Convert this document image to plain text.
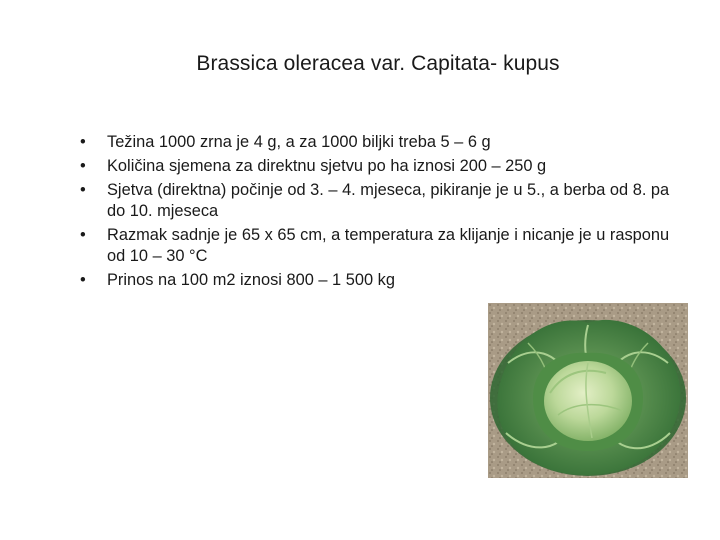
Brassica oleracea var. Capitata- kupus
•	Težina 1000 zrna je 4 g, a za 1000 biljki treba 5 – 6 g
•	Količina sjemena za direktnu sjetvu po ha iznosi 200 – 250 g
•	Sjetva (direktna) počinje od 3. – 4. mjeseca, pikiranje je u 5., a berba od 8. pa do 10. mjeseca
•	Razmak sadnje je 65 x 65 cm, a temperatura za klijanje i nicanje je u rasponu od 10 – 30 °C
•	Prinos na 100 m2 iznosi 800 – 1 500 kg
